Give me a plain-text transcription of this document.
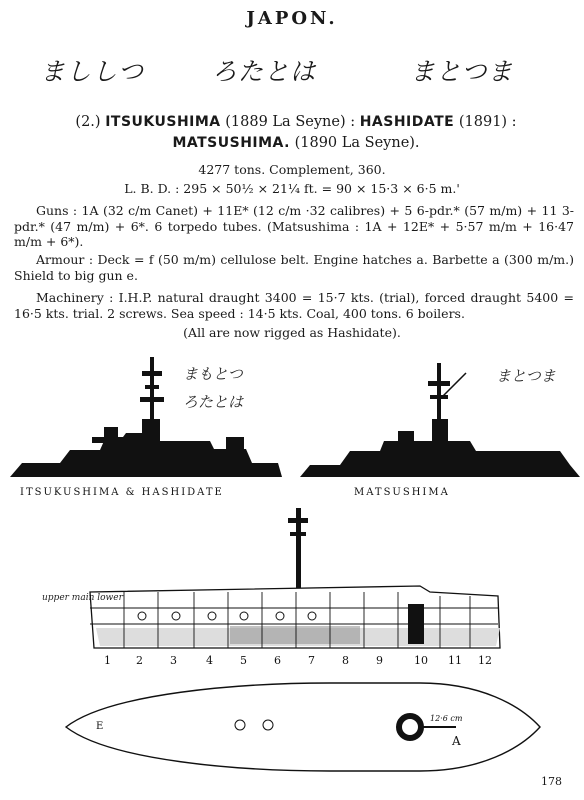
JAPON.
まししつ	ろたとは	まとつま
(2.) ITSUKUSHIMA (1889 La Seyne) : HASHIDATE (1891) :
MATSUSHIMA. (1890 La Seyne).
4277 tons. Complement, 360.
L. B. D. : 295 × 50½ × 21¼ ft. = 90 × 15·3 × 6·5 m.'
Guns : 1A (32 c/m Canet) + 11E* (12 c/m ·32 calibres) + 5 6-pdr.* (57 m/m) + 11 3-pdr.* (47 m/m) + 6*. 6 torpedo tubes. (Matsushima : 1A + 12E* + 5·57 m/m + 16·47 m/m + 6*).
Armour : Deck = f (50 m/m) cellulose belt. Engine hatches a. Barbette a (300 m/m.) Shield to big gun e.
Machinery : I.H.P. natural draught 3400 = 15·7 kts. (trial), forced draught 5400 = 16·5 kts. trial. 2 screws. Sea speed : 14·5 kts. Coal, 400 tons. 6 boilers.
(All are now rigged as Hashidate).
まもとつ
ろたとは
まとつま
ITSUKUSHIMA & HASHIDATE	MATSUSHIMA
upper main lower
1 2 3	4 5 6 7 8 9	10 11 12
12·6 cm
A
E
178
